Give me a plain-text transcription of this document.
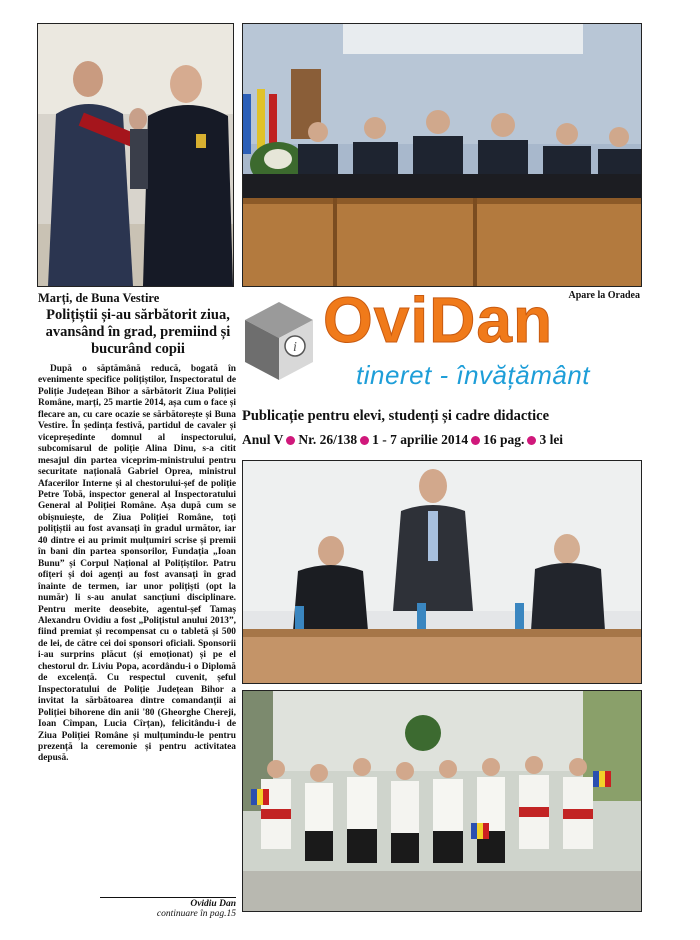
Apare la Oradea
i OviDan
tineret - învățământ
Publicație pentru elevi, studenți și cadre didactice
Anul V Nr. 26/138 1 - 7 aprilie 2014 16 pag. 3 lei
Marți, de Buna Vestire
Polițiștii și-au sărbătorit ziua, avansând în grad, premiind și bucurând copii

După o săptămână reducă, bogată în evenimente specifice polițiștilor, Inspectoratul de Poliție Județean Bihor a sărbătorit Ziua Poliției Române, marți, 25 martie 2014, așa cum o face și flecare an, cu care ocazie se sărbătorește și Buna Vestire. În ședința festivă, partidul de cavaler și vicepreședinte domnul al inspectorului, subcomisarul de poliție Alina Dinu, s-a citit mesajul din partea viceprim-ministrului pentru securitate națională Gabriel Oprea, ministrul Afacerilor Interne și al chestorului-șef de poliție Petre Tobă, inspector general al Inspectoratului General al Poliției Române. Așa după cum se obișnuiește, de Ziua Poliției Române, toți polițiștii au fost avansați în gradul următor, iar 40 dintre ei au primit mulțumiri scrise și premii în bani din partea sponsorilor, Fundația „Ioan Bunu” și Corpul Național al Polițiștilor. Patru ofițeri și doi agenți au fost avansați în grad înainte de termen, iar unor polițiști (opt la număr) li s-au anulat sancțiuni disciplinare. Pentru merite deosebite, agentul-șef Tamaș Alexandru Ovidiu a fost „Polițistul anului 2013”, fiind premiat și recompensat cu o tabletă și 500 de lei, de către cei doi sponsori oficiali. Sponsorii i-au surprins plăcut (și emoționat) și pe el chestorul dr. Liviu Popa, acordându-i o Diplomă de excelență. Cu respectul cuvenit, șeful Inspectoratului de Poliție Județean Bihor a invitat la sărbătoarea dintre comandanții ai Poliției bihorene din anii '80 (Gheorghe Chereji, Ioan Cîmpan, Lucia Cîrțan), felicitându-i de Ziua Poliției Române și mulțumindu-le pentru prezență la ceremonie și pentru activitatea depusă.

Ovidiu Dan
continuare în pag.15
